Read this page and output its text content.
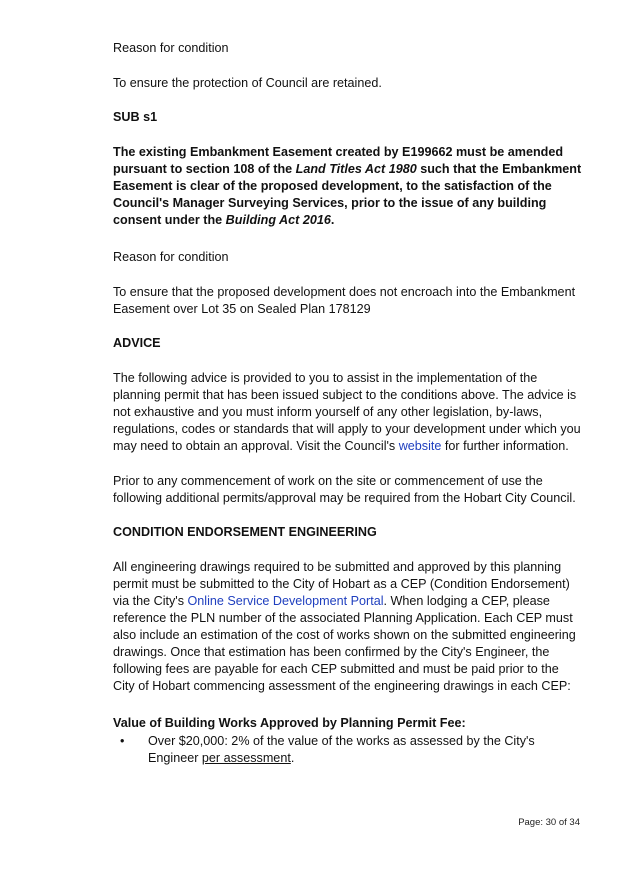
Reason for condition

To ensure the protection of Council are retained.

SUB s1

The existing Embankment Easement created by E199662 must be amended pursuant to section 108 of the Land Titles Act 1980 such that the Embankment Easement is clear of the proposed development, to the satisfaction of the Council's Manager Surveying Services, prior to the issue of any building consent under the Building Act 2016.

Reason for condition

To ensure that the proposed development does not encroach into the Embankment Easement over Lot 35 on Sealed Plan 178129

ADVICE

The following advice is provided to you to assist in the implementation of the planning permit that has been issued subject to the conditions above. The advice is not exhaustive and you must inform yourself of any other legislation, by-laws, regulations, codes or standards that will apply to your development under which you may need to obtain an approval. Visit the Council's website for further information.

Prior to any commencement of work on the site or commencement of use the following additional permits/approval may be required from the Hobart City Council.

CONDITION ENDORSEMENT ENGINEERING

All engineering drawings required to be submitted and approved by this planning permit must be submitted to the City of Hobart as a CEP (Condition Endorsement) via the City's Online Service Development Portal. When lodging a CEP, please reference the PLN number of the associated Planning Application. Each CEP must also include an estimation of the cost of works shown on the submitted engineering drawings. Once that estimation has been confirmed by the City's Engineer, the following fees are payable for each CEP submitted and must be paid prior to the City of Hobart commencing assessment of the engineering drawings in each CEP:

Value of Building Works Approved by Planning Permit Fee:

• Over $20,000: 2% of the value of the works as assessed by the City's Engineer per assessment.

Page: 30 of 34
